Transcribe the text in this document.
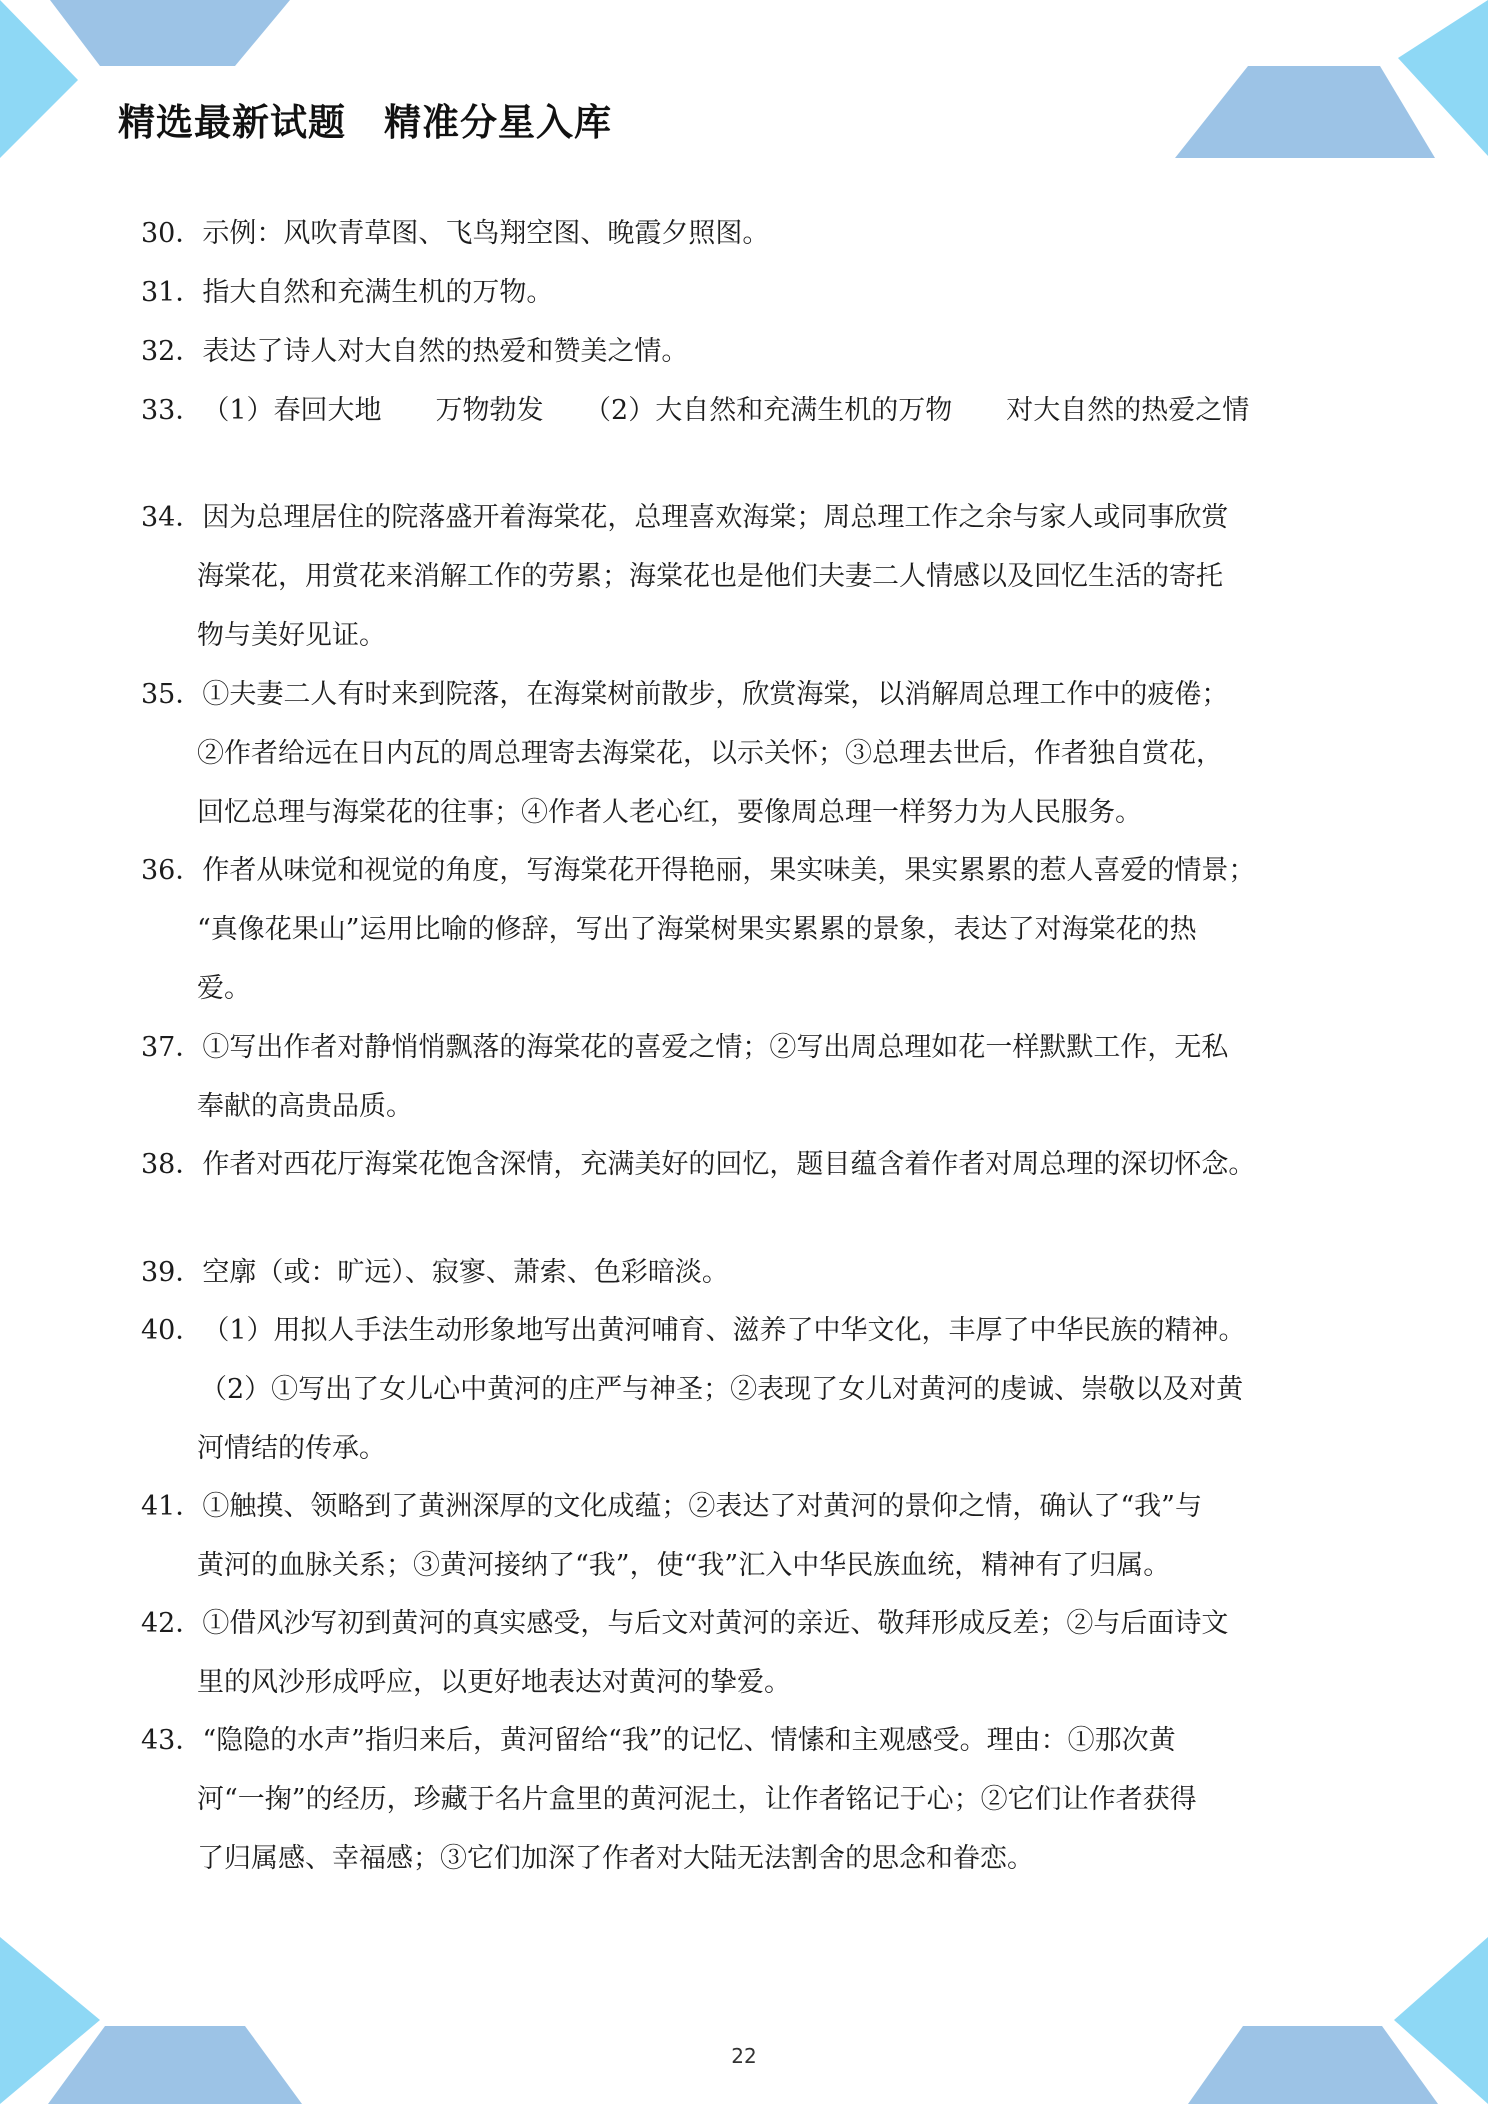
精选最新试题　精准分星入库
30．示例：风吹青草图、飞鸟翔空图、晚霞夕照图。
31．指大自然和充满生机的万物。
32．表达了诗人对大自然的热爱和赞美之情。
33．（1）春回大地　　万物勃发　　（2）大自然和充满生机的万物　　对大自然的热爱之情
34．因为总理居住的院落盛开着海棠花，总理喜欢海棠；周总理工作之余与家人或同事欣赏
海棠花，用赏花来消解工作的劳累；海棠花也是他们夫妻二人情感以及回忆生活的寄托
物与美好见证。
35．①夫妻二人有时来到院落，在海棠树前散步，欣赏海棠，以消解周总理工作中的疲倦；
②作者给远在日内瓦的周总理寄去海棠花，以示关怀；③总理去世后，作者独自赏花，
回忆总理与海棠花的往事；④作者人老心红，要像周总理一样努力为人民服务。
36．作者从味觉和视觉的角度，写海棠花开得艳丽，果实味美，果实累累的惹人喜爱的情景；
“真像花果山”运用比喻的修辞，写出了海棠树果实累累的景象，表达了对海棠花的热
爱。
37．①写出作者对静悄悄飘落的海棠花的喜爱之情；②写出周总理如花一样默默工作，无私
奉献的高贵品质。
38．作者对西花厅海棠花饱含深情，充满美好的回忆，题目蕴含着作者对周总理的深切怀念。
39．空廓（或：旷远）、寂寥、萧索、色彩暗淡。
40．（1）用拟人手法生动形象地写出黄河哺育、滋养了中华文化，丰厚了中华民族的精神。
（2）①写出了女儿心中黄河的庄严与神圣；②表现了女儿对黄河的虔诚、崇敬以及对黄
河情结的传承。
41．①触摸、领略到了黄洲深厚的文化成蕴；②表达了对黄河的景仰之情，确认了“我”与
黄河的血脉关系；③黄河接纳了“我”，使“我”汇入中华民族血统，精神有了归属。
42．①借风沙写初到黄河的真实感受，与后文对黄河的亲近、敬拜形成反差；②与后面诗文
里的风沙形成呼应，以更好地表达对黄河的挚爱。
43．“隐隐的水声”指归来后，黄河留给“我”的记忆、情愫和主观感受。理由：①那次黄
河“一掬”的经历，珍藏于名片盒里的黄河泥土，让作者铭记于心；②它们让作者获得
了归属感、幸福感；③它们加深了作者对大陆无法割舍的思念和眷恋。
22
